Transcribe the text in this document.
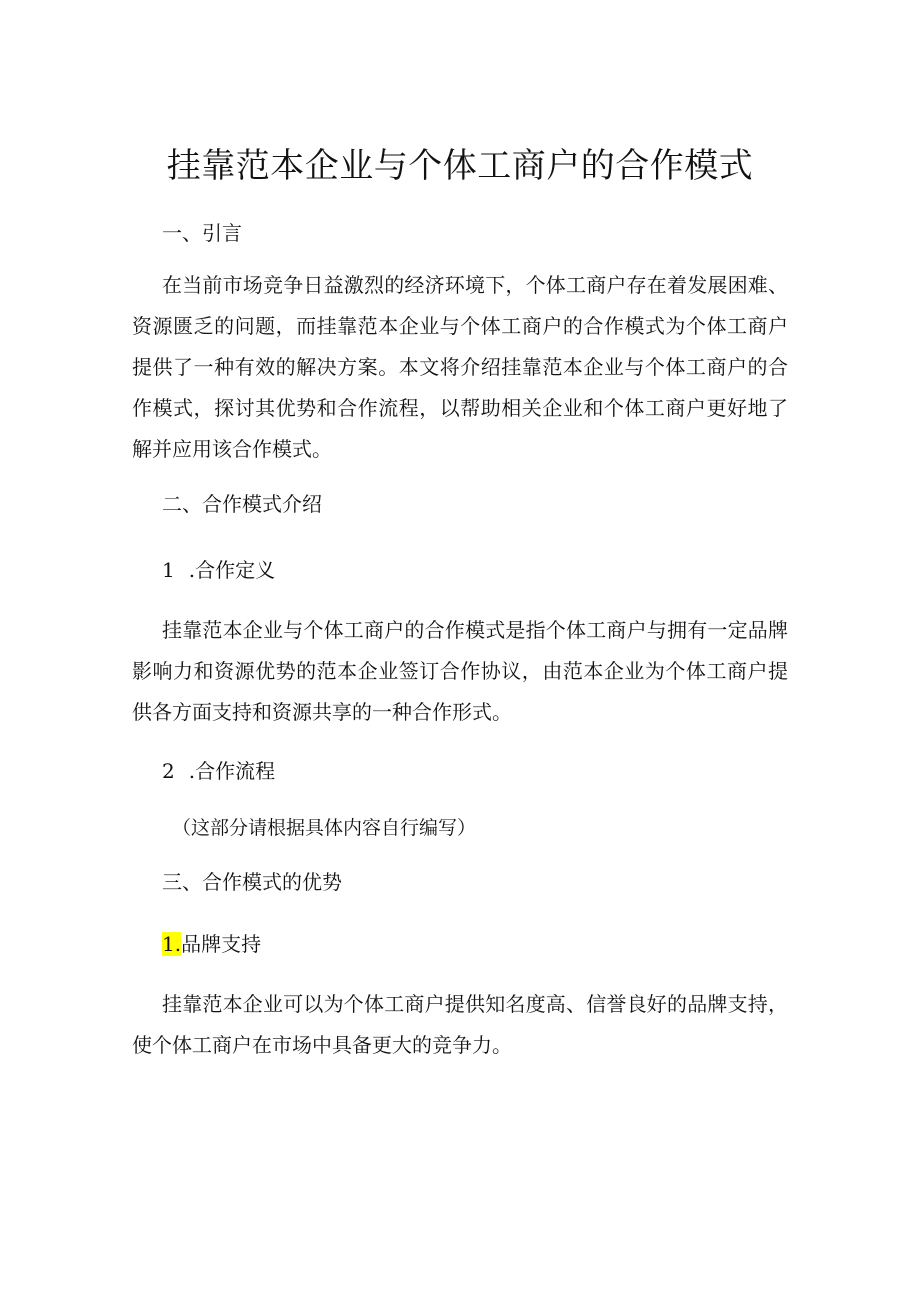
挂靠范本企业与个体工商户的合作模式

一、引言

在当前市场竞争日益激烈的经济环境下，个体工商户存在着发展困难、资源匮乏的问题，而挂靠范本企业与个体工商户的合作模式为个体工商户提供了一种有效的解决方案。本文将介绍挂靠范本企业与个体工商户的合作模式，探讨其优势和合作流程，以帮助相关企业和个体工商户更好地了解并应用该合作模式。

二、合作模式介绍

1 .合作定义

挂靠范本企业与个体工商户的合作模式是指个体工商户与拥有一定品牌影响力和资源优势的范本企业签订合作协议，由范本企业为个体工商户提供各方面支持和资源共享的一种合作形式。

2 .合作流程

（这部分请根据具体内容自行编写）

三、合作模式的优势

1.品牌支持

挂靠范本企业可以为个体工商户提供知名度高、信誉良好的品牌支持，使个体工商户在市场中具备更大的竞争力。
